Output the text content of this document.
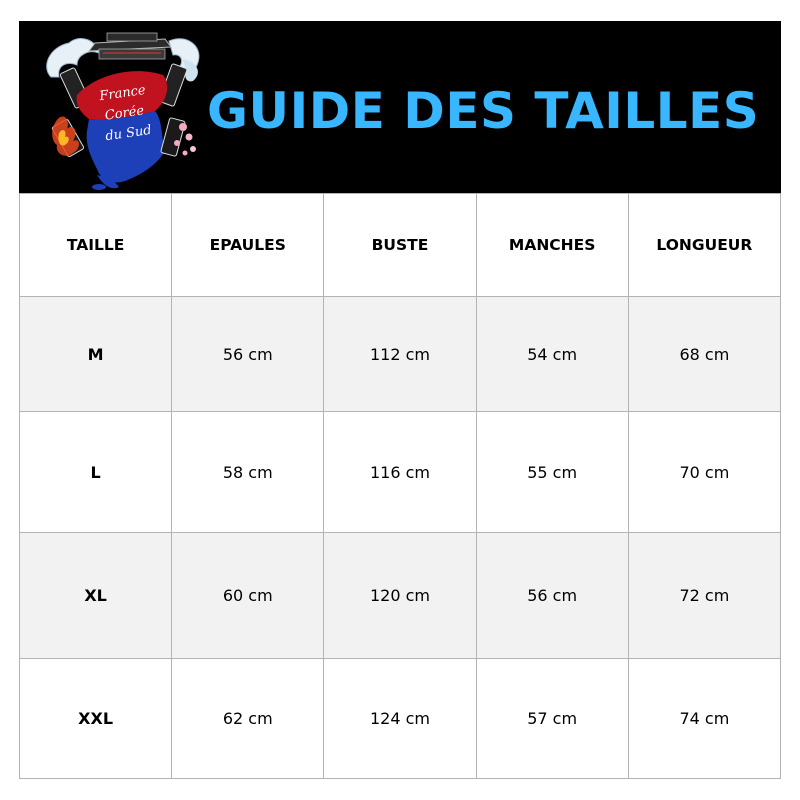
France
Corée
du Sud GUIDE DES TAILLES
TAILLE	EPAULES	BUSTE	MANCHES	LONGUEUR
M	56 cm	112 cm	54 cm	68 cm
L	58 cm	116 cm	55 cm	70 cm
XL	60 cm	120 cm	56 cm	72 cm
XXL	62 cm	124 cm	57 cm	74 cm
